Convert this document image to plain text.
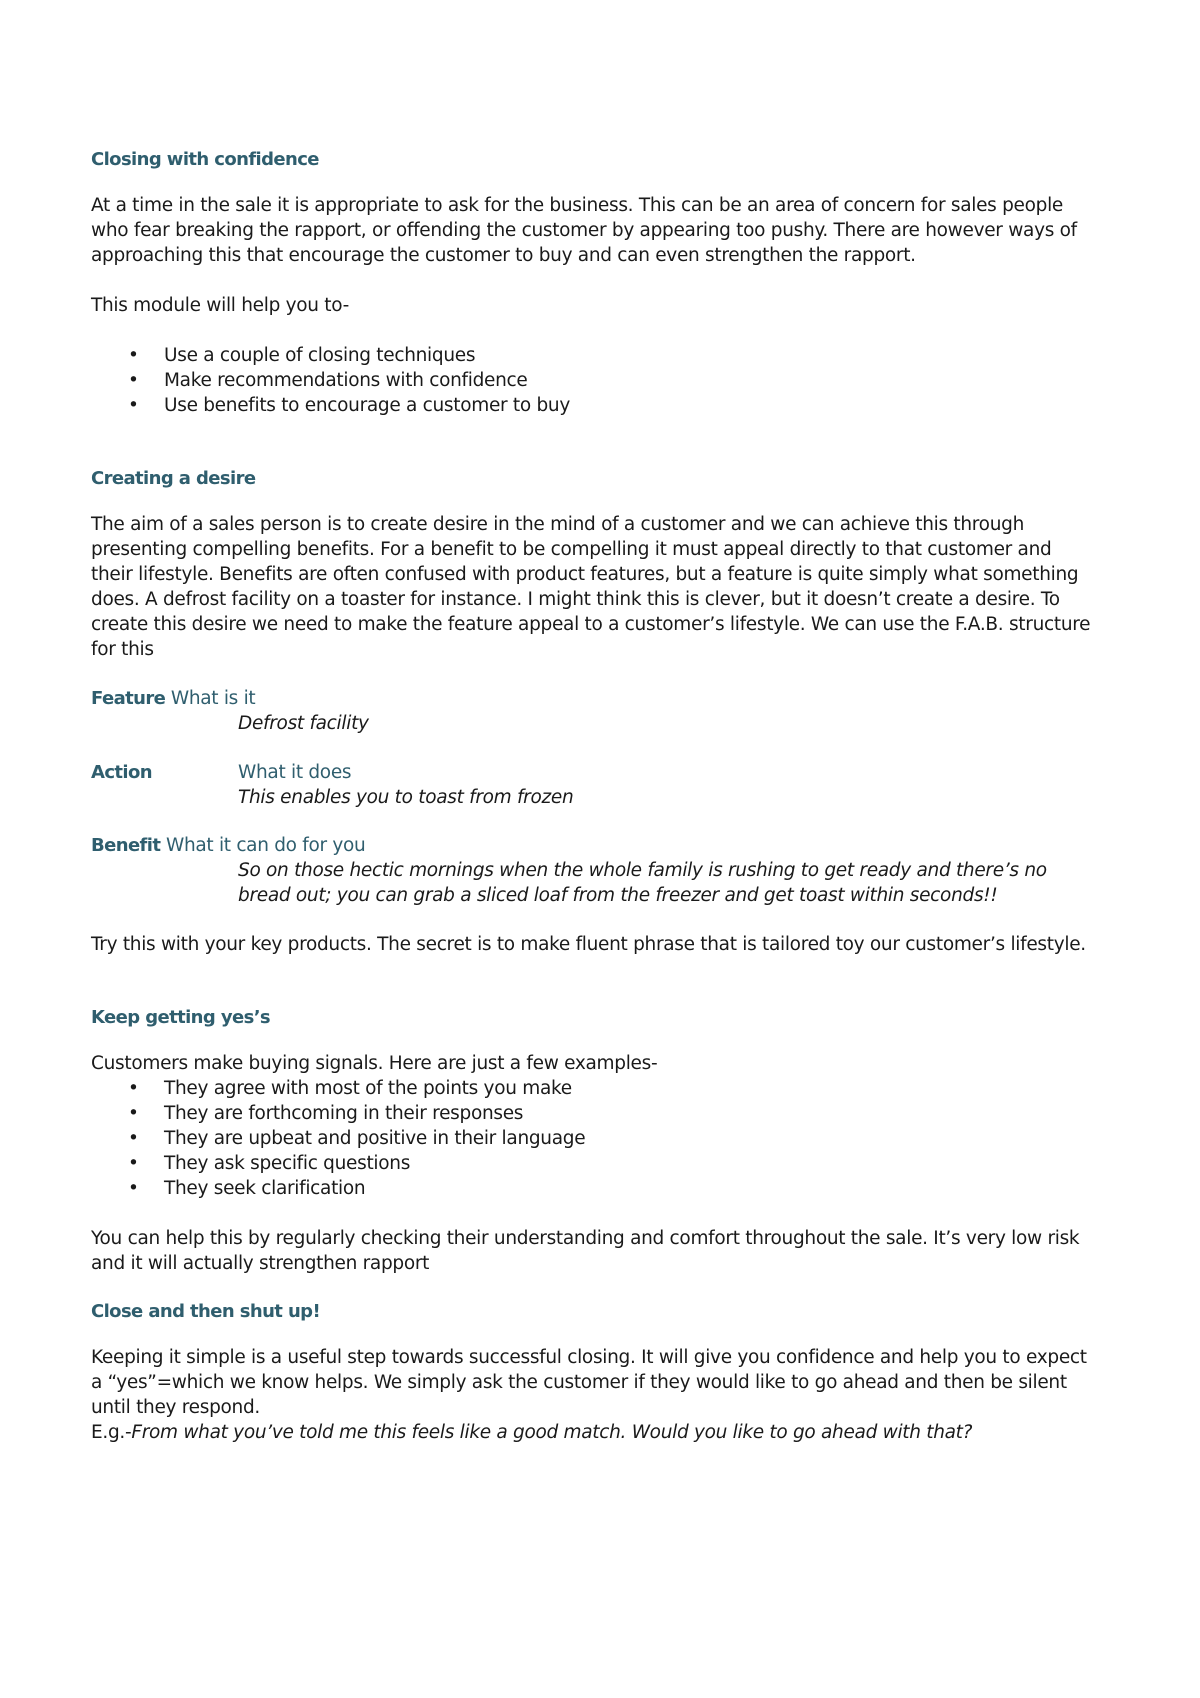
Closing with confidence

At a time in the sale it is appropriate to ask for the business. This can be an area of concern for sales people who fear breaking the rapport, or offending the customer by appearing too pushy. There are however ways of approaching this that encourage the customer to buy and can even strengthen the rapport.

This module will help you to-

• Use a couple of closing techniques
• Make recommendations with confidence
• Use benefits to encourage a customer to buy
Creating a desire

The aim of a sales person is to create desire in the mind of a customer and we can achieve this through presenting compelling benefits. For a benefit to be compelling it must appeal directly to that customer and their lifestyle. Benefits are often confused with product features, but a feature is quite simply what something does. A defrost facility on a toaster for instance. I might think this is clever, but it doesn’t create a desire. To create this desire we need to make the feature appeal to a customer’s lifestyle. We can use the F.A.B. structure for this

Feature What is it
Defrost facility
Action	What it does
This enables you to toast from frozen
Benefit What it can do for you
So on those hectic mornings when the whole family is rushing to get ready and there’s no bread out; you can grab a sliced loaf from the freezer and get toast within seconds!!

Try this with your key products. The secret is to make fluent phrase that is tailored toy our customer’s lifestyle.

Keep getting yes’s

Customers make buying signals. Here are just a few examples-

• They agree with most of the points you make
• They are forthcoming in their responses
• They are upbeat and positive in their language
• They ask specific questions
• They seek clarification

You can help this by regularly checking their understanding and comfort throughout the sale. It’s very low risk and it will actually strengthen rapport

Close and then shut up!

Keeping it simple is a useful step towards successful closing. It will give you confidence and help you to expect a “yes”=which we know helps. We simply ask the customer if they would like to go ahead and then be silent until they respond.

E.g.-From what you’ve told me this feels like a good match. Would you like to go ahead with that?
